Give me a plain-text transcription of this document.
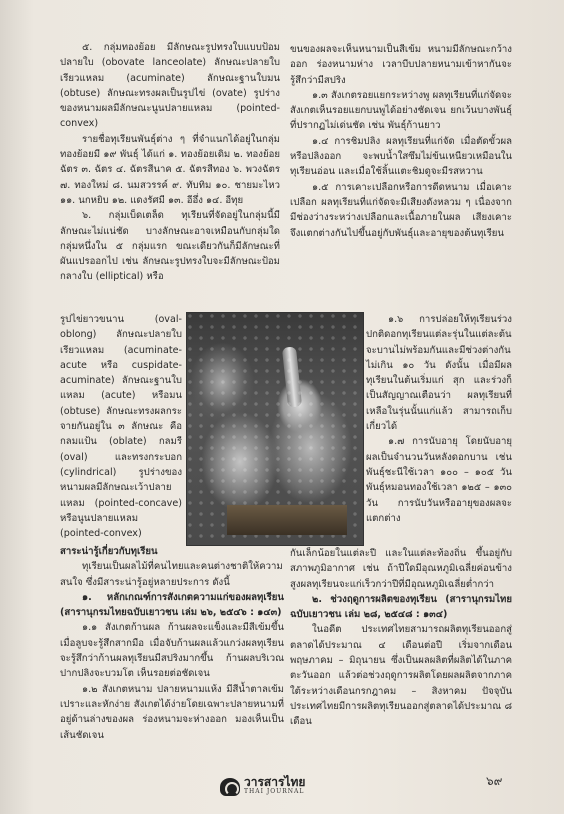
๕. กลุ่มทองย้อย มีลักษณะรูปทรงใบแบบป้อมปลายใบ (obovate lanceolate) ลักษณะปลายใบเรียวแหลม (acuminate) ลักษณะฐานใบมน (obtuse) ลักษณะทรงผลเป็นรูปไข่ (ovate) รูปร่างของหนามผลมีลักษณะนูนปลายแหลม (pointed-convex)

รายชื่อทุเรียนพันธุ์ต่าง ๆ ที่จำแนกได้อยู่ในกลุ่มทองย้อยมี ๑๙ พันธุ์ ได้แก่ ๑. ทองย้อยเดิม ๒. ทองย้อยฉัตร ๓. ฉัตร ๔. ฉัตรสีนาค ๕. ฉัตรสีทอง ๖. พวงฉัตร ๗. ทองใหม่ ๘. นมสวรรค์ ๙. ทับทิม ๑๐. ชายมะไหว ๑๑. นกหยิบ ๑๒. แดงรัศมี ๑๓. อีอึ่ง ๑๔. อีทุย

๖. กลุ่มเบ็ดเตล็ด ทุเรียนที่จัดอยู่ในกลุ่มนี้มีลักษณะไม่แน่ชัด บางลักษณะอาจเหมือนกับกลุ่มใดกลุ่มหนึ่งใน ๕ กลุ่มแรก ขณะเดียวกันก็มีลักษณะที่ผันแปรออกไป เช่น ลักษณะรูปทรงใบจะมีลักษณะป้อมกลางใบ (elliptical) หรือ

รูปไข่ยาวขนาน (oval-oblong) ลักษณะปลายใบเรียวแหลม (acuminate-acute หรือ cuspidate-acuminate) ลักษณะฐานใบแหลม (acute) หรือมน (obtuse) ลักษณะทรงผลกระจายกันอยู่ใน ๓ ลักษณะ คือ กลมแป้น (oblate) กลมรี (oval) และทรงกระบอก (cylindrical) รูปร่างของหนามผลมีลักษณะเว้าปลายแหลม (pointed-concave) หรือนูนปลายแหลม (pointed-convex)

ขนของผลจะเห็นหนามเป็นสีเข้ม หนามมีลักษณะกว้างออก ร่องหนามห่าง เวลาบีบปลายหนามเข้าหากันจะรู้สึกว่ามีสปริง

๑.๓ สังเกตรอยแยกระหว่างพู ผลทุเรียนที่แก่จัดจะสังเกตเห็นรอยแยกบนพูได้อย่างชัดเจน ยกเว้นบางพันธุ์ที่ปรากฏไม่เด่นชัด เช่น พันธุ์ก้านยาว

๑.๔ การชิมปลิง ผลทุเรียนที่แก่จัด เมื่อตัดขั้วผลหรือปลิงออก จะพบน้ำใสซึมไม่ข้นเหนียวเหมือนในทุเรียนอ่อน และเมื่อใช้ลิ้นแตะชิมดูจะมีรสหวาน

๑.๕ การเคาะเปลือกหรือการดีดหนาม เมื่อเคาะเปลือก ผลทุเรียนที่แก่จัดจะมีเสียงดังหลวม ๆ เนื่องจากมีช่องว่างระหว่างเปลือกและเนื้อภายในผล เสียงเคาะจึงแตกต่างกันไปขึ้นอยู่กับพันธุ์และอายุของต้นทุเรียน

๑.๖ การปล่อยให้ทุเรียนร่วง ปกติดอกทุเรียนแต่ละรุ่นในแต่ละต้นจะบานไม่พร้อมกันและมีช่วงต่างกันไม่เกิน ๑๐ วัน ดังนั้น เมื่อมีผลทุเรียนในต้นเริ่มแก่ สุก และร่วงก็เป็นสัญญาณเตือนว่า ผลทุเรียนที่เหลือในรุ่นนั้นแก่แล้ว สามารถเก็บเกี่ยวได้

๑.๗ การนับอายุ โดยนับอายุผลเป็นจำนวนวันหลังดอกบาน เช่น พันธุ์ชะนีใช้เวลา ๑๐๐ – ๑๐๕ วัน พันธุ์หมอนทองใช้เวลา ๑๒๕ – ๑๓๐ วัน การนับวันหรืออายุของผลจะแตกต่าง

สาระน่ารู้เกี่ยวกับทุเรียน

ทุเรียนเป็นผลไม้ที่คนไทยและคนต่างชาติให้ความสนใจ ซึ่งมีสาระน่ารู้อยู่หลายประการ ดังนี้

๑. หลักเกณฑ์การสังเกตความแก่ของผลทุเรียน (สารานุกรมไทยฉบับเยาวชน เล่ม ๒๖, ๒๕๔๖ : ๑๔๓)

๑.๑ สังเกตก้านผล ก้านผลจะแข็งและมีสีเข้มขึ้น เมื่อลูบจะรู้สึกสากมือ เมื่อจับก้านผลแล้วแกว่งผลทุเรียนจะรู้สึกว่าก้านผลทุเรียนมีสปริงมากขึ้น ก้านผลบริเวณปากปลิงจะบวมโต เห็นรอยต่อชัดเจน

๑.๒ สังเกตหนาม ปลายหนามแห้ง มีสีน้ำตาลเข้ม เปราะและหักง่าย สังเกตได้ง่ายโดยเฉพาะปลายหนามที่อยู่ด้านล่างของผล ร่องหนามจะห่างออก มองเห็นเป็นเส้นชัดเจน

กันเล็กน้อยในแต่ละปี และในแต่ละท้องถิ่น ขึ้นอยู่กับสภาพภูมิอากาศ เช่น ถ้าปีใดมีอุณหภูมิเฉลี่ยค่อนข้างสูงผลทุเรียนจะแก่เร็วกว่าปีที่มีอุณหภูมิเฉลี่ยต่ำกว่า

๒. ช่วงฤดูการผลิตของทุเรียน (สารานุกรมไทยฉบับเยาวชน เล่ม ๒๘, ๒๕๔๘ : ๑๓๔)

ในอดีต ประเทศไทยสามารถผลิตทุเรียนออกสู่ตลาดได้ประมาณ ๔ เดือนต่อปี เริ่มจากเดือนพฤษภาคม – มิถุนายน ซึ่งเป็นผลผลิตที่ผลิตได้ในภาคตะวันออก แล้วต่อช่วงฤดูการผลิตโดยผลผลิตจากภาคใต้ระหว่างเดือนกรกฎาคม – สิงหาคม ปัจจุบันประเทศไทยมีการผลิตทุเรียนออกสู่ตลาดได้ประมาณ ๘ เดือน

วารสารไทย
THAI JOURNAL
๖๙
